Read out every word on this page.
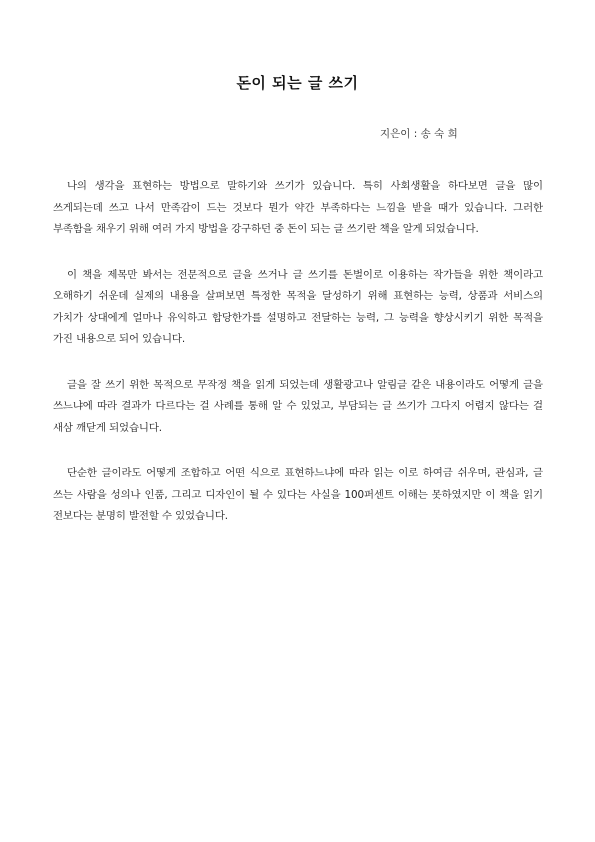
돈이 되는 글 쓰기
지은이 : 송 숙 희

나의 생각을 표현하는 방법으로 말하기와 쓰기가 있습니다. 특히 사회생활을 하다보면 글을 많이 쓰게되는데 쓰고 나서 만족감이 드는 것보다 뭔가 약간 부족하다는 느낌을 받을 때가 있습니다. 그러한 부족함을 채우기 위해 여러 가지 방법을 강구하던 중 돈이 되는 글 쓰기란 책을 알게 되었습니다.

이 책을 제목만 봐서는 전문적으로 글을 쓰거나 글 쓰기를 돈벌이로 이용하는 작가들을 위한 책이라고 오해하기 쉬운데 실제의 내용을 살펴보면 특정한 목적을 달성하기 위해 표현하는 능력, 상품과 서비스의 가치가 상대에게 얼마나 유익하고 합당한가를 설명하고 전달하는 능력, 그 능력을 향상시키기 위한 목적을 가진 내용으로 되어 있습니다.

글을 잘 쓰기 위한 목적으로 무작정 책을 읽게 되었는데 생활광고나 알림글 같은 내용이라도 어떻게 글을 쓰느냐에 따라 결과가 다르다는 걸 사례를 통해 알 수 있었고, 부담되는 글 쓰기가 그다지 어렵지 않다는 걸 새삼 깨닫게 되었습니다.

단순한 글이라도 어떻게 조합하고 어떤 식으로 표현하느냐에 따라 읽는 이로 하여금 쉬우며, 관심과, 글 쓰는 사람을 성의나 인품, 그리고 디자인이 될 수 있다는 사실을 100퍼센트 이해는 못하였지만 이 책을 읽기 전보다는 분명히 발전할 수 있었습니다.
